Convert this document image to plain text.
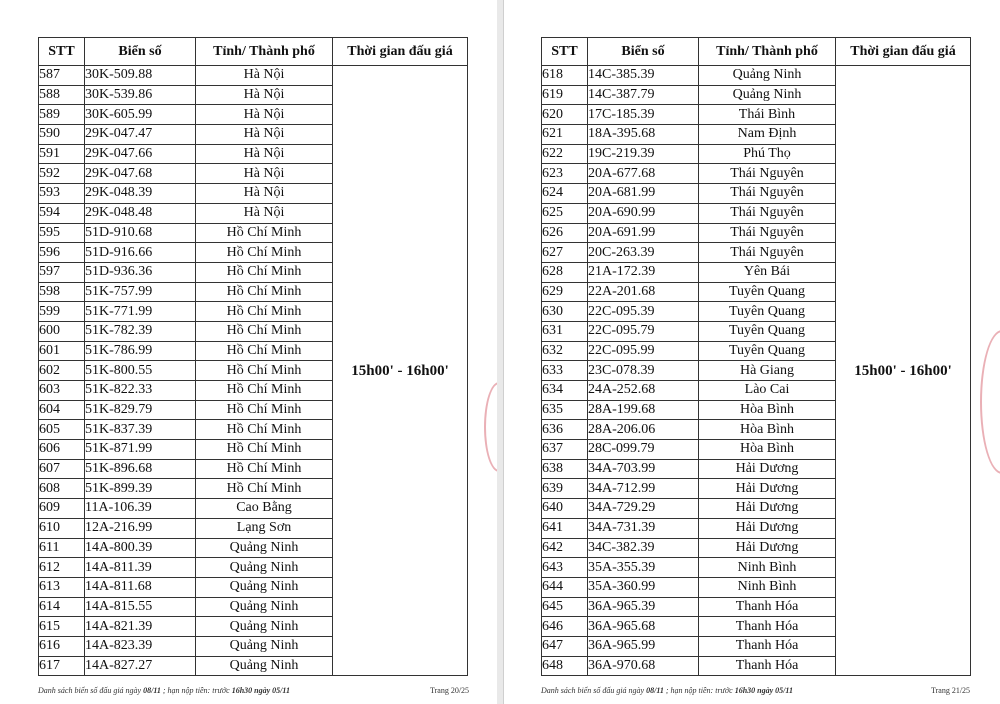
STT	Biển số	Tỉnh/ Thành phố	Thời gian đấu giá
587	30K-509.88	Hà Nội	15h00' - 16h00'
588	30K-539.86	Hà Nội	
589	30K-605.99	Hà Nội	
590	29K-047.47	Hà Nội	
591	29K-047.66	Hà Nội	
592	29K-047.68	Hà Nội	
593	29K-048.39	Hà Nội	
594	29K-048.48	Hà Nội	
595	51D-910.68	Hồ Chí Minh	
596	51D-916.66	Hồ Chí Minh	
597	51D-936.36	Hồ Chí Minh	
598	51K-757.99	Hồ Chí Minh	
599	51K-771.99	Hồ Chí Minh	
600	51K-782.39	Hồ Chí Minh	
601	51K-786.99	Hồ Chí Minh	
602	51K-800.55	Hồ Chí Minh	
603	51K-822.33	Hồ Chí Minh	
604	51K-829.79	Hồ Chí Minh	
605	51K-837.39	Hồ Chí Minh	
606	51K-871.99	Hồ Chí Minh	
607	51K-896.68	Hồ Chí Minh	
608	51K-899.39	Hồ Chí Minh	
609	11A-106.39	Cao Bằng	
610	12A-216.99	Lạng Sơn	
611	14A-800.39	Quảng Ninh	
612	14A-811.39	Quảng Ninh	
613	14A-811.68	Quảng Ninh	
614	14A-815.55	Quảng Ninh	
615	14A-821.39	Quảng Ninh	
616	14A-823.39	Quảng Ninh	
617	14A-827.27	Quảng Ninh	
Danh sách biển số đấu giá ngày 08/11 ; hạn nộp tiền: trước 16h30 ngày 05/11	Trang 20/25
STT	Biển số	Tỉnh/ Thành phố	Thời gian đấu giá
618	14C-385.39	Quảng Ninh	15h00' - 16h00'
619	14C-387.79	Quảng Ninh	
620	17C-185.39	Thái Bình	
621	18A-395.68	Nam Định	
622	19C-219.39	Phú Thọ	
623	20A-677.68	Thái Nguyên	
624	20A-681.99	Thái Nguyên	
625	20A-690.99	Thái Nguyên	
626	20A-691.99	Thái Nguyên	
627	20C-263.39	Thái Nguyên	
628	21A-172.39	Yên Bái	
629	22A-201.68	Tuyên Quang	
630	22C-095.39	Tuyên Quang	
631	22C-095.79	Tuyên Quang	
632	22C-095.99	Tuyên Quang	
633	23C-078.39	Hà Giang	
634	24A-252.68	Lào Cai	
635	28A-199.68	Hòa Bình	
636	28A-206.06	Hòa Bình	
637	28C-099.79	Hòa Bình	
638	34A-703.99	Hải Dương	
639	34A-712.99	Hải Dương	
640	34A-729.29	Hải Dương	
641	34A-731.39	Hải Dương	
642	34C-382.39	Hải Dương	
643	35A-355.39	Ninh Bình	
644	35A-360.99	Ninh Bình	
645	36A-965.39	Thanh Hóa	
646	36A-965.68	Thanh Hóa	
647	36A-965.99	Thanh Hóa	
648	36A-970.68	Thanh Hóa	
Danh sách biển số đấu giá ngày 08/11 ; hạn nộp tiền: trước 16h30 ngày 05/11	Trang 21/25
